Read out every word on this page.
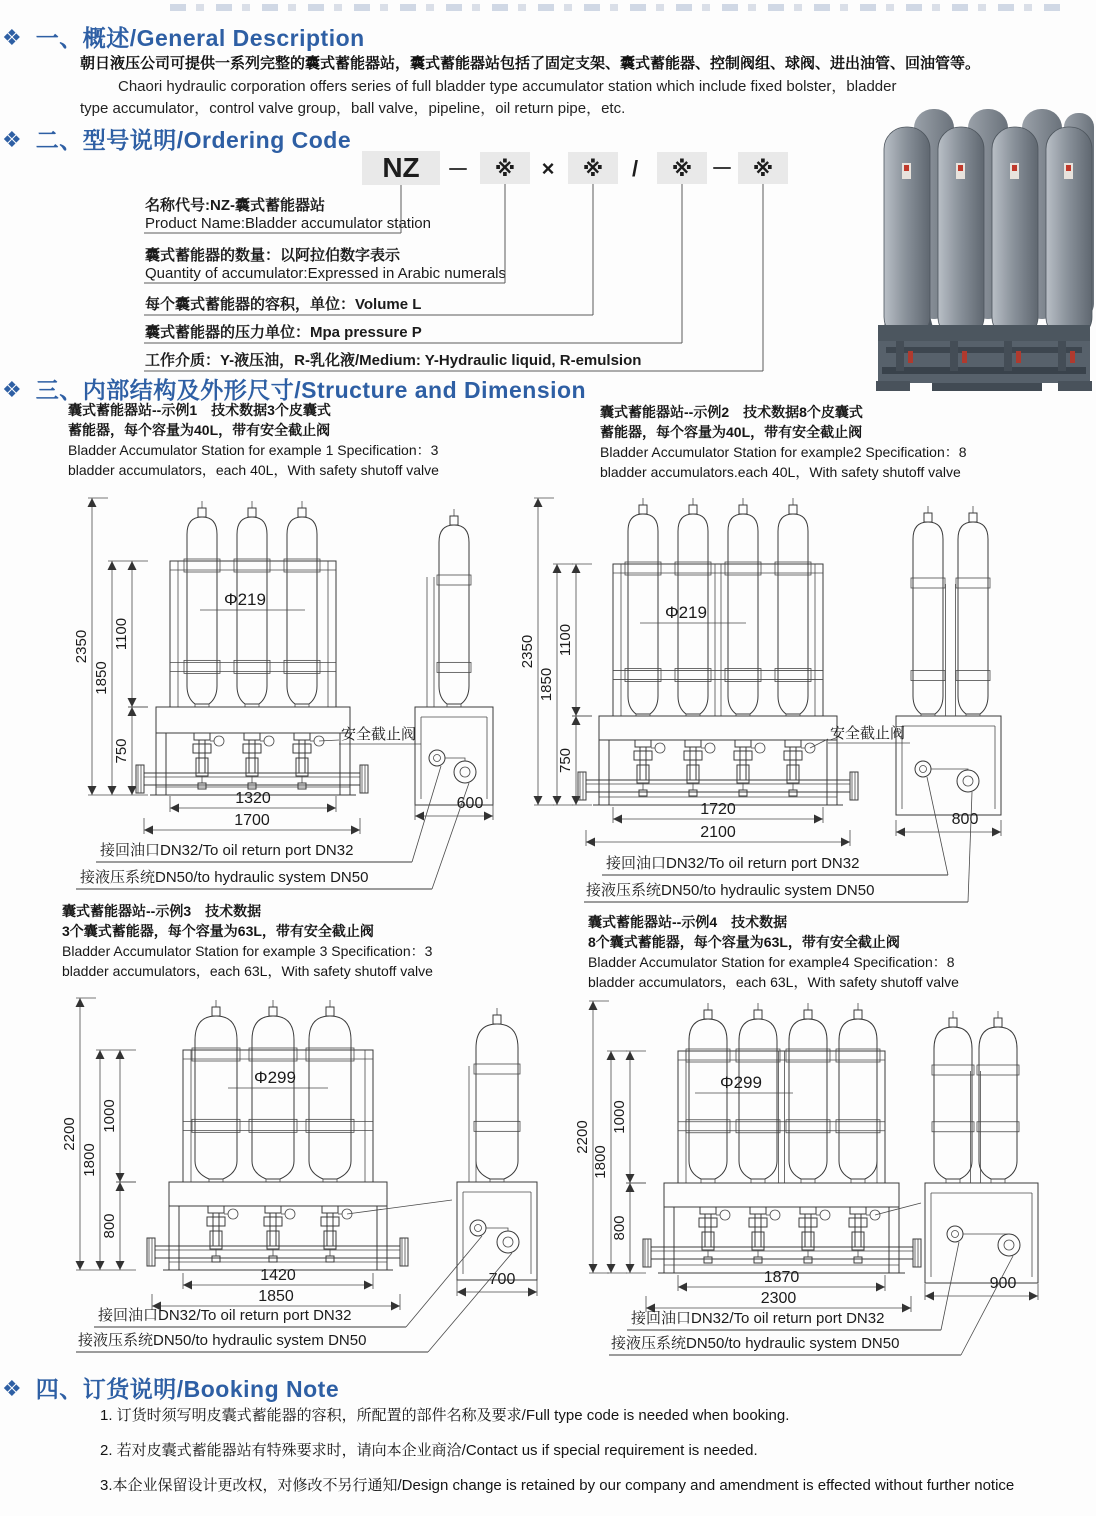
❖ 一、概述/General Description
朝日液压公司可提供一系列完整的囊式蓄能器站，囊式蓄能器站包括了固定支架、囊式蓄能器、控制阀组、球阀、进出油管、回油管等。
Chaori hydraulic corporation offers series of full bladder type accumulator station which include fixed bolster，bladder
type accumulator，control valve group，ball valve，pipeline，oil return pipe，etc.
❖ 二、型号说明/Ordering Code
NZ － ※ × ※ / ※ － ※
名称代号:NZ-囊式蓄能器站
Product Name:Bladder accumulator station
囊式蓄能器的数量：以阿拉伯数字表示
Quantity of accumulator:Expressed in Arabic numerals
每个囊式蓄能器的容积，单位：Volume L
囊式蓄能器的压力单位：Mpa pressure P
工作介质：Y-液压油，R-乳化液/Medium: Y-Hydraulic liquid, R-emulsion
❖ 三、内部结构及外形尺寸/Structure and Dimension
囊式蓄能器站--示例1　技术数据3个皮囊式
蓄能器，每个容量为40L，带有安全截止阀
Bladder Accumulator Station for example 1 Specification：3
bladder accumulators，each 40L，With safety shutoff valve
囊式蓄能器站--示例2　技术数据8个皮囊式
蓄能器，每个容量为40L，带有安全截止阀
Bladder Accumulator Station for example2 Specification：8
bladder accumulators.each 40L，With safety shutoff valve
2350
1850
1100
750
1320
1700
Φ219
600
安全截止阀
接回油口DN32/To oil return port DN32
接液压系统DN50/to hydraulic system DN50
2350
1850
1100
750
1720
2100
Φ219
800
安全截止阀
接回油口DN32/To oil return port DN32
接液压系统DN50/to hydraulic system DN50
囊式蓄能器站--示例3　技术数据
3个囊式蓄能器，每个容量为63L，带有安全截止阀
Bladder Accumulator Station for example 3 Specification：3
bladder accumulators，each 63L，With safety shutoff valve
囊式蓄能器站--示例4　技术数据
8个囊式蓄能器，每个容量为63L，带有安全截止阀
Bladder Accumulator Station for example4 Specification：8
bladder accumulators，each 63L，With safety shutoff valve
2200
1800
1000
800
1420
1850
Φ299
700
接回油口DN32/To oil return port DN32
接液压系统DN50/to hydraulic system DN50
2200
1800
1000
800
1870
2300
Φ299
900
接回油口DN32/To oil return port DN32
接液压系统DN50/to hydraulic system DN50
❖ 四、订货说明/Booking Note
1. 订货时须写明皮囊式蓄能器的容积，所配置的部件名称及要求/Full type code is needed when booking.
2. 若对皮囊式蓄能器站有特殊要求时，请向本企业商洽/Contact us if special requirement is needed.
3.本企业保留设计更改权，对修改不另行通知/Design change is retained by our company and amendment is effected without further notice
